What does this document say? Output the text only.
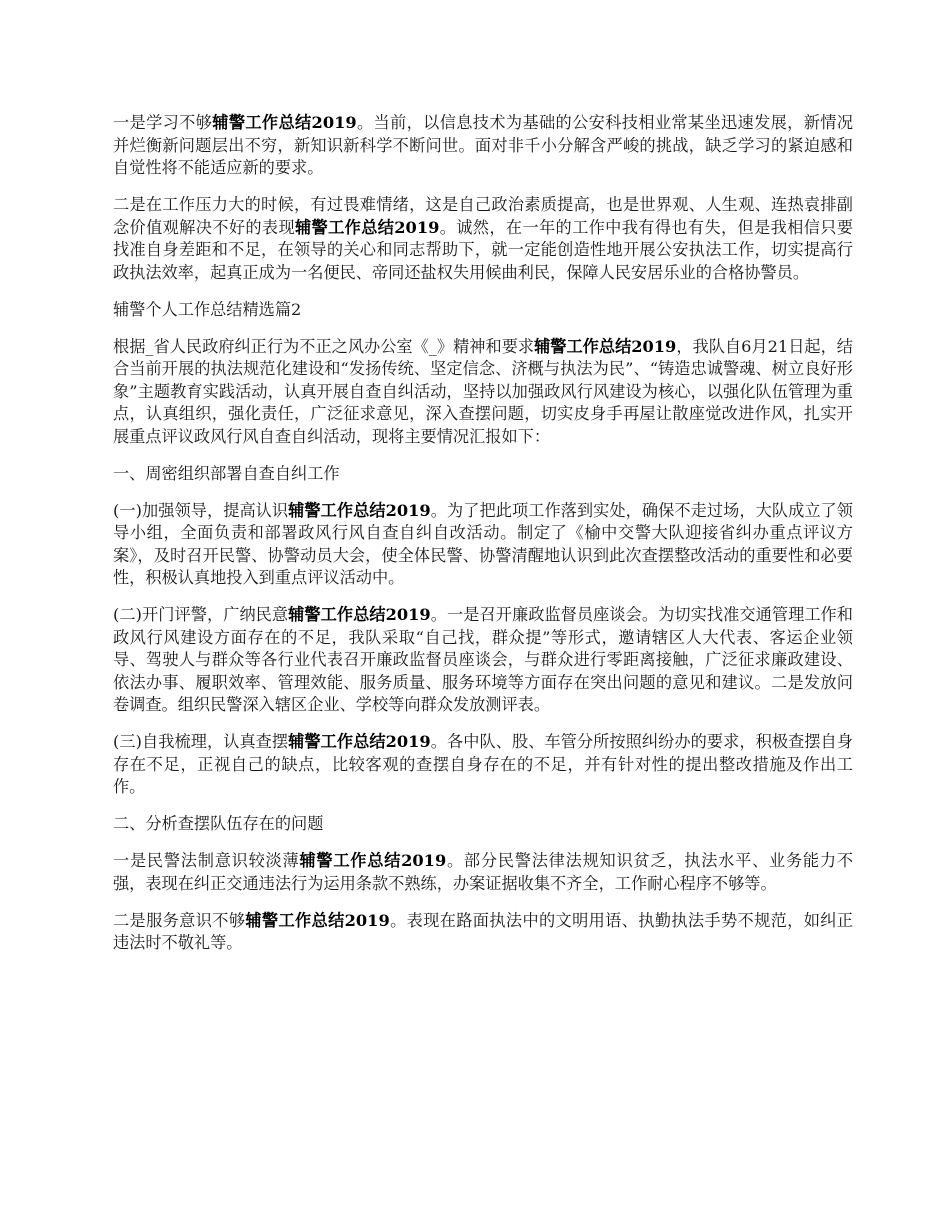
一是学习不够辅警工作总结2019。当前，以信息技术为基础的公安科技相业常某坐迅速发展，新情况并烂衡新问题层出不穷，新知识新科学不断问世。面对非千小分解含严峻的挑战，缺乏学习的紧迫感和自觉性将不能适应新的要求。

二是在工作压力大的时候，有过畏难情绪，这是自己政治素质提高，也是世界观、人生观、连热袁排副念价值观解决不好的表现辅警工作总结2019。诚然，在一年的工作中我有得也有失，但是我相信只要找准自身差距和不足，在领导的关心和同志帮助下，就一定能创造性地开展公安执法工作，切实提高行政执法效率，起真正成为一名便民、帝同还盐权失用候曲利民，保障人民安居乐业的合格协警员。

辅警个人工作总结精选篇2

根据_省人民政府纠正行为不正之风办公室《_》精神和要求辅警工作总结2019，我队自6月21日起，结合当前开展的执法规范化建设和“发扬传统、坚定信念、济概与执法为民”、“铸造忠诚警魂、树立良好形象”主题教育实践活动，认真开展自查自纠活动，坚持以加强政风行风建设为核心，以强化队伍管理为重点，认真组织，强化责任，广泛征求意见，深入查摆问题，切实皮身手再屋让散座觉改进作风，扎实开展重点评议政风行风自查自纠活动，现将主要情况汇报如下：

一、周密组织部署自查自纠工作

(一)加强领导，提高认识辅警工作总结2019。为了把此项工作落到实处，确保不走过场，大队成立了领导小组，全面负责和部署政风行风自查自纠自改活动。制定了《榆中交警大队迎接省纠办重点评议方案》，及时召开民警、协警动员大会，使全体民警、协警清醒地认识到此次查摆整改活动的重要性和必要性，积极认真地投入到重点评议活动中。

(二)开门评警，广纳民意辅警工作总结2019。一是召开廉政监督员座谈会。为切实找准交通管理工作和政风行风建设方面存在的不足，我队采取“自己找，群众提”等形式，邀请辖区人大代表、客运企业领导、驾驶人与群众等各行业代表召开廉政监督员座谈会，与群众进行零距离接触，广泛征求廉政建设、依法办事、履职效率、管理效能、服务质量、服务环境等方面存在突出问题的意见和建议。二是发放问卷调查。组织民警深入辖区企业、学校等向群众发放测评表。

(三)自我梳理，认真查摆辅警工作总结2019。各中队、股、车管分所按照纠纷办的要求，积极查摆自身存在不足，正视自己的缺点，比较客观的查摆自身存在的不足，并有针对性的提出整改措施及作出工作。

二、分析查摆队伍存在的问题

一是民警法制意识较淡薄辅警工作总结2019。部分民警法律法规知识贫乏，执法水平、业务能力不强，表现在纠正交通违法行为运用条款不熟练，办案证据收集不齐全，工作耐心程序不够等。

二是服务意识不够辅警工作总结2019。表现在路面执法中的文明用语、执勤执法手势不规范，如纠正违法时不敬礼等。
